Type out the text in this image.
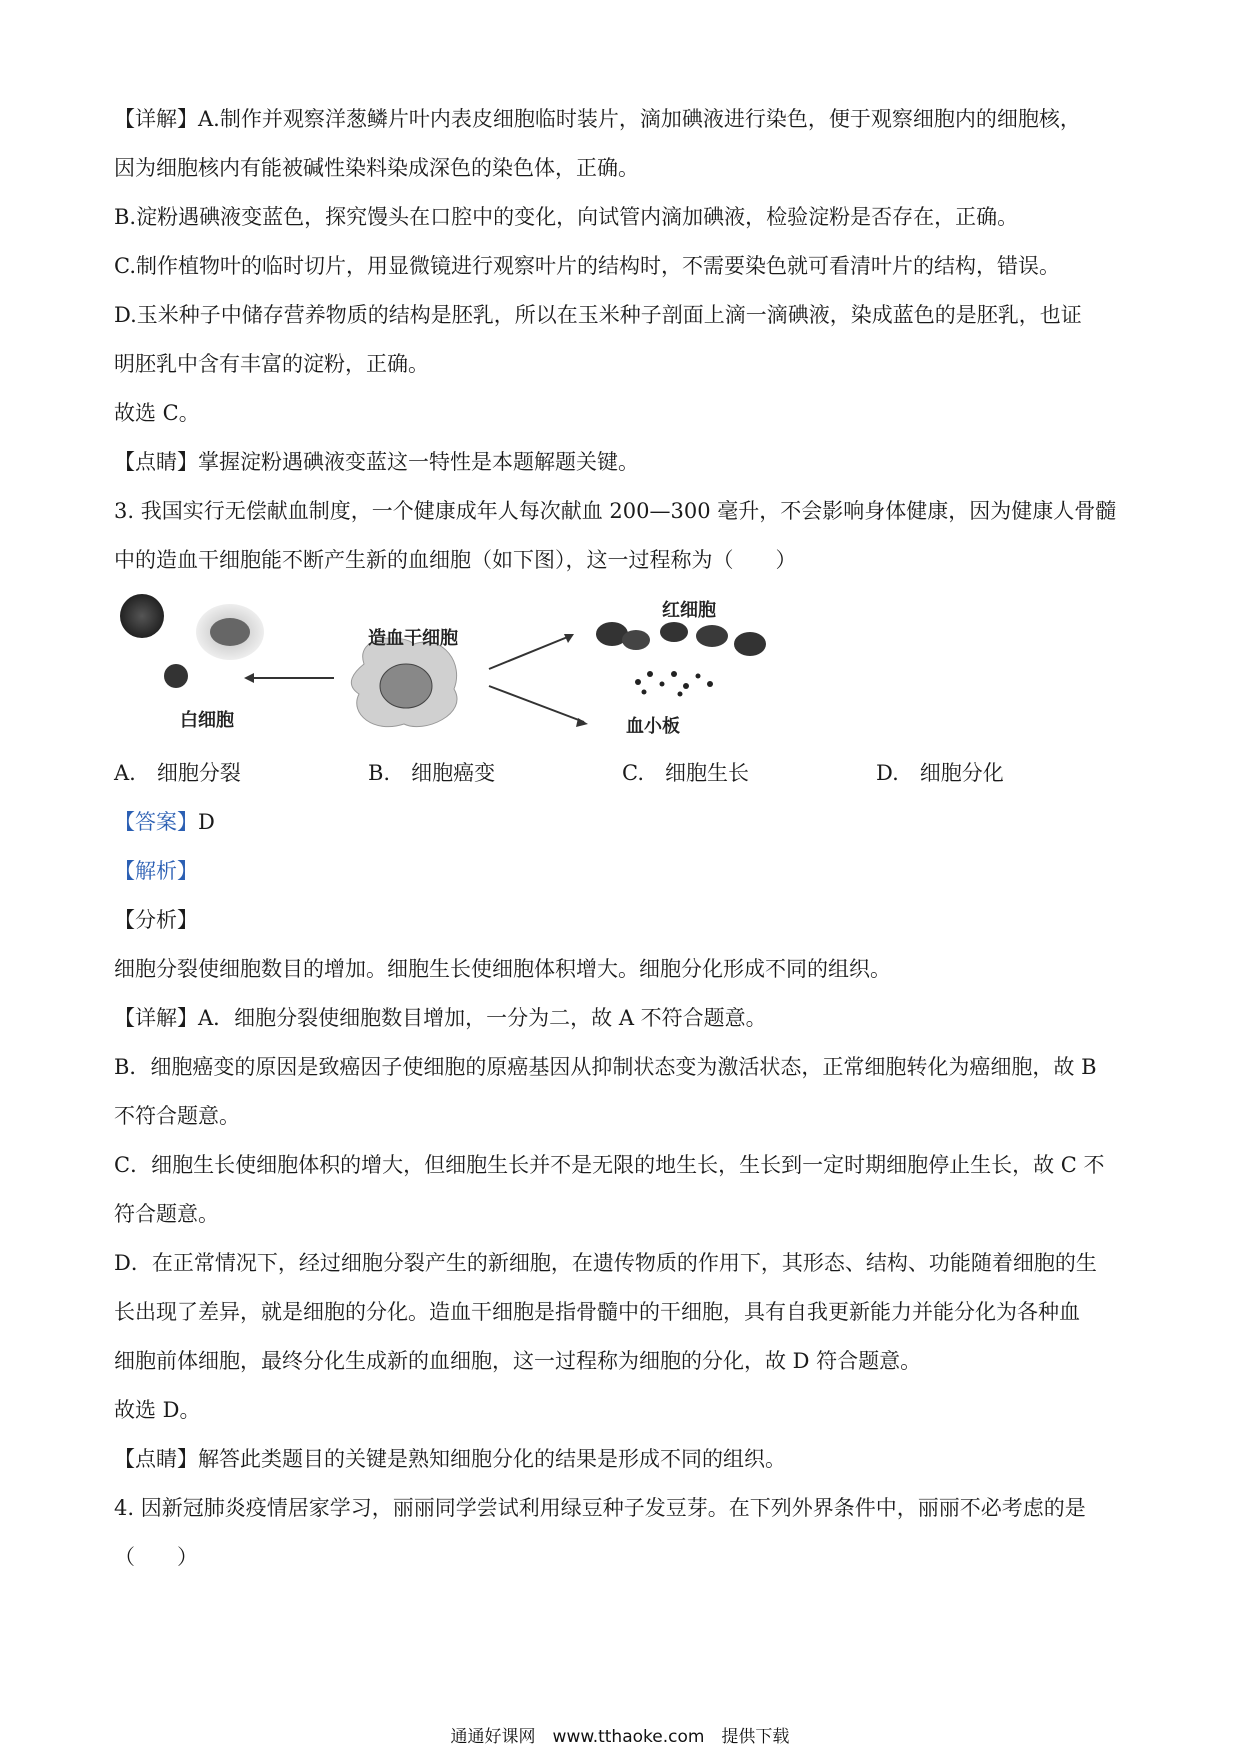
【详解】A.制作并观察洋葱鳞片叶内表皮细胞临时装片，滴加碘液进行染色，便于观察细胞内的细胞核，
因为细胞核内有能被碱性染料染成深色的染色体，正确。
B.淀粉遇碘液变蓝色，探究馒头在口腔中的变化，向试管内滴加碘液，检验淀粉是否存在，正确。
C.制作植物叶的临时切片，用显微镜进行观察叶片的结构时，不需要染色就可看清叶片的结构，错误。
D.玉米种子中储存营养物质的结构是胚乳，所以在玉米种子剖面上滴一滴碘液，染成蓝色的是胚乳，也证
明胚乳中含有丰富的淀粉，正确。
故选 C。
【点睛】掌握淀粉遇碘液变蓝这一特性是本题解题关键。
3. 我国实行无偿献血制度，一个健康成年人每次献血 200—300 毫升，不会影响身体健康，因为健康人骨髓
中的造血干细胞能不断产生新的血细胞（如下图），这一过程称为（　　）
造血干细胞
红细胞
白细胞	血小板
A.　细胞分裂	B.　细胞癌变	C.　细胞生长	D.　细胞分化
【答案】D
【解析】
【分析】
细胞分裂使细胞数目的增加。细胞生长使细胞体积增大。细胞分化形成不同的组织。
【详解】A．细胞分裂使细胞数目增加，一分为二，故 A 不符合题意。
B．细胞癌变的原因是致癌因子使细胞的原癌基因从抑制状态变为激活状态，正常细胞转化为癌细胞，故 B
不符合题意。
C．细胞生长使细胞体积的增大，但细胞生长并不是无限的地生长，生长到一定时期细胞停止生长，故 C 不
符合题意。
D．在正常情况下，经过细胞分裂产生的新细胞，在遗传物质的作用下，其形态、结构、功能随着细胞的生
长出现了差异，就是细胞的分化。造血干细胞是指骨髓中的干细胞，具有自我更新能力并能分化为各种血
细胞前体细胞，最终分化生成新的血细胞，这一过程称为细胞的分化，故 D 符合题意。
故选 D。
【点睛】解答此类题目的关键是熟知细胞分化的结果是形成不同的组织。
4. 因新冠肺炎疫情居家学习，丽丽同学尝试利用绿豆种子发豆芽。在下列外界条件中，丽丽不必考虑的是
（　　）
通通好课网　www.tthaoke.com　提供下载
